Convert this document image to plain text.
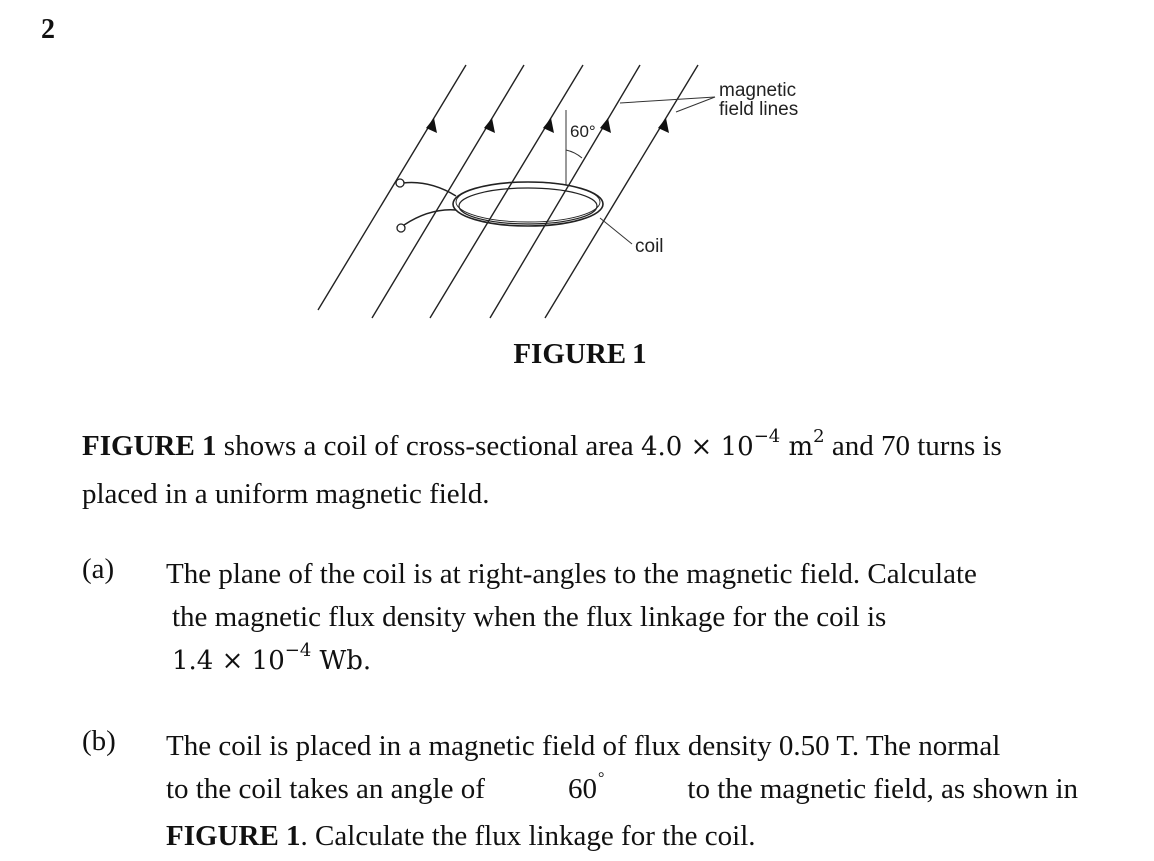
2
60°
magnetic
field lines
coil
FIGURE 1
FIGURE 1 shows a coil of cross-sectional area $4.0 \times 10^{-4}$ $m^2$ and 70 turns is placed in a uniform magnetic field.
(a) The plane of the coil is at right-angles to the magnetic field. Calculate
the magnetic flux density when the flux linkage for the coil is
$1.4 \times 10^{-4}$ Wb.
(b) The coil is placed in a magnetic field of flux density 0.50 T. The normal
to the coil takes an angle of	60°	to the magnetic field, as shown in
FIGURE 1. Calculate the flux linkage for the coil.
